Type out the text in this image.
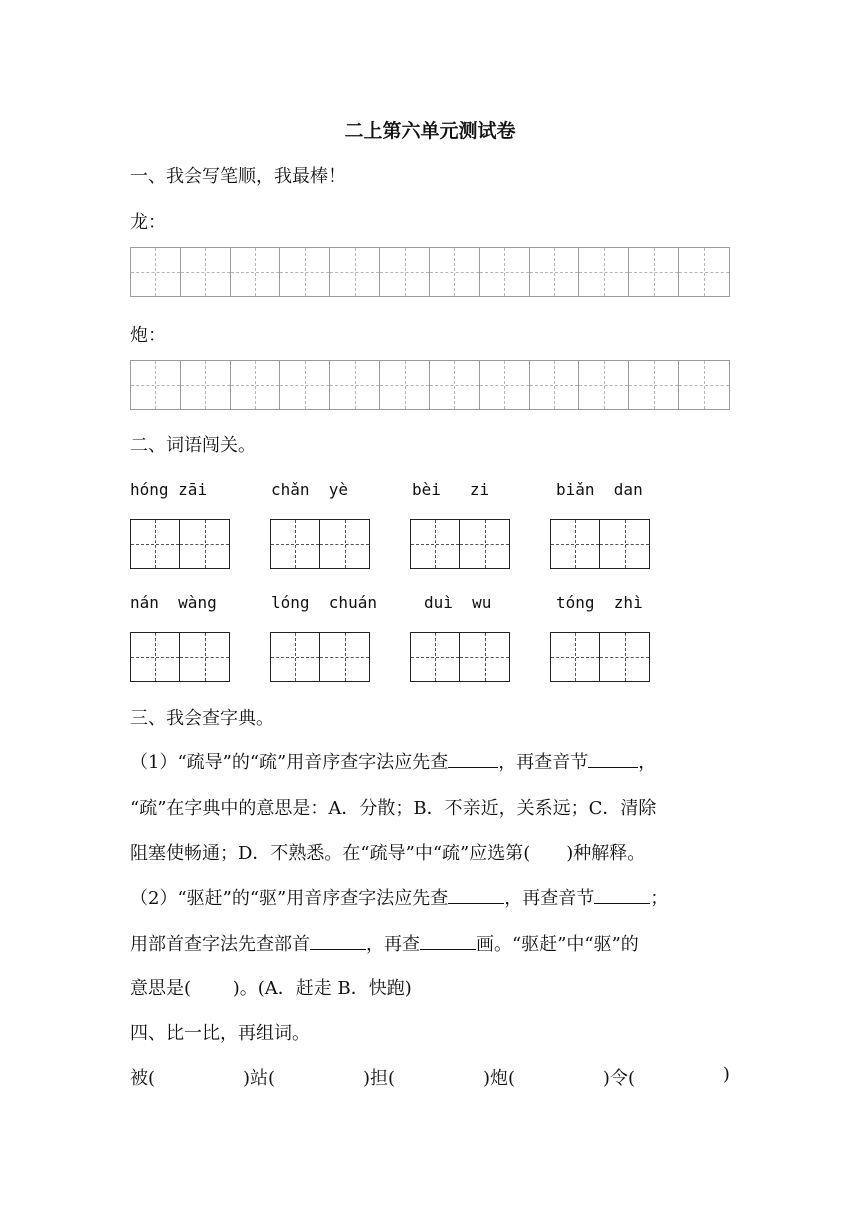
二上第六单元测试卷
一、我会写笔顺，我最棒！
龙：
炮：
二、词语闯关。
hóng zāi	chǎn yè	bèi zi	biǎn dan
nán wàng	lóng chuán	duì wu	tóng zhì
三、我会查字典。
（1）“疏导”的“疏”用音序查字法应先查	，再查音节	，
“疏”在字典中的意思是：A．分散；B．不亲近，关系远；C．清除
阻塞使畅通；D．不熟悉。在“疏导”中“疏”应选第(　　)种解释。
（2）“驱赶”的“驱”用音序查字法应先查	，再查音节	；
用部首查字法先查部首	，再查	画。“驱赶”中“驱”的
意思是(　　 )。(A．赶走 B．快跑)
四、比一比，再组词。
被(	)站(	)担(	)炮(	)令(	)
